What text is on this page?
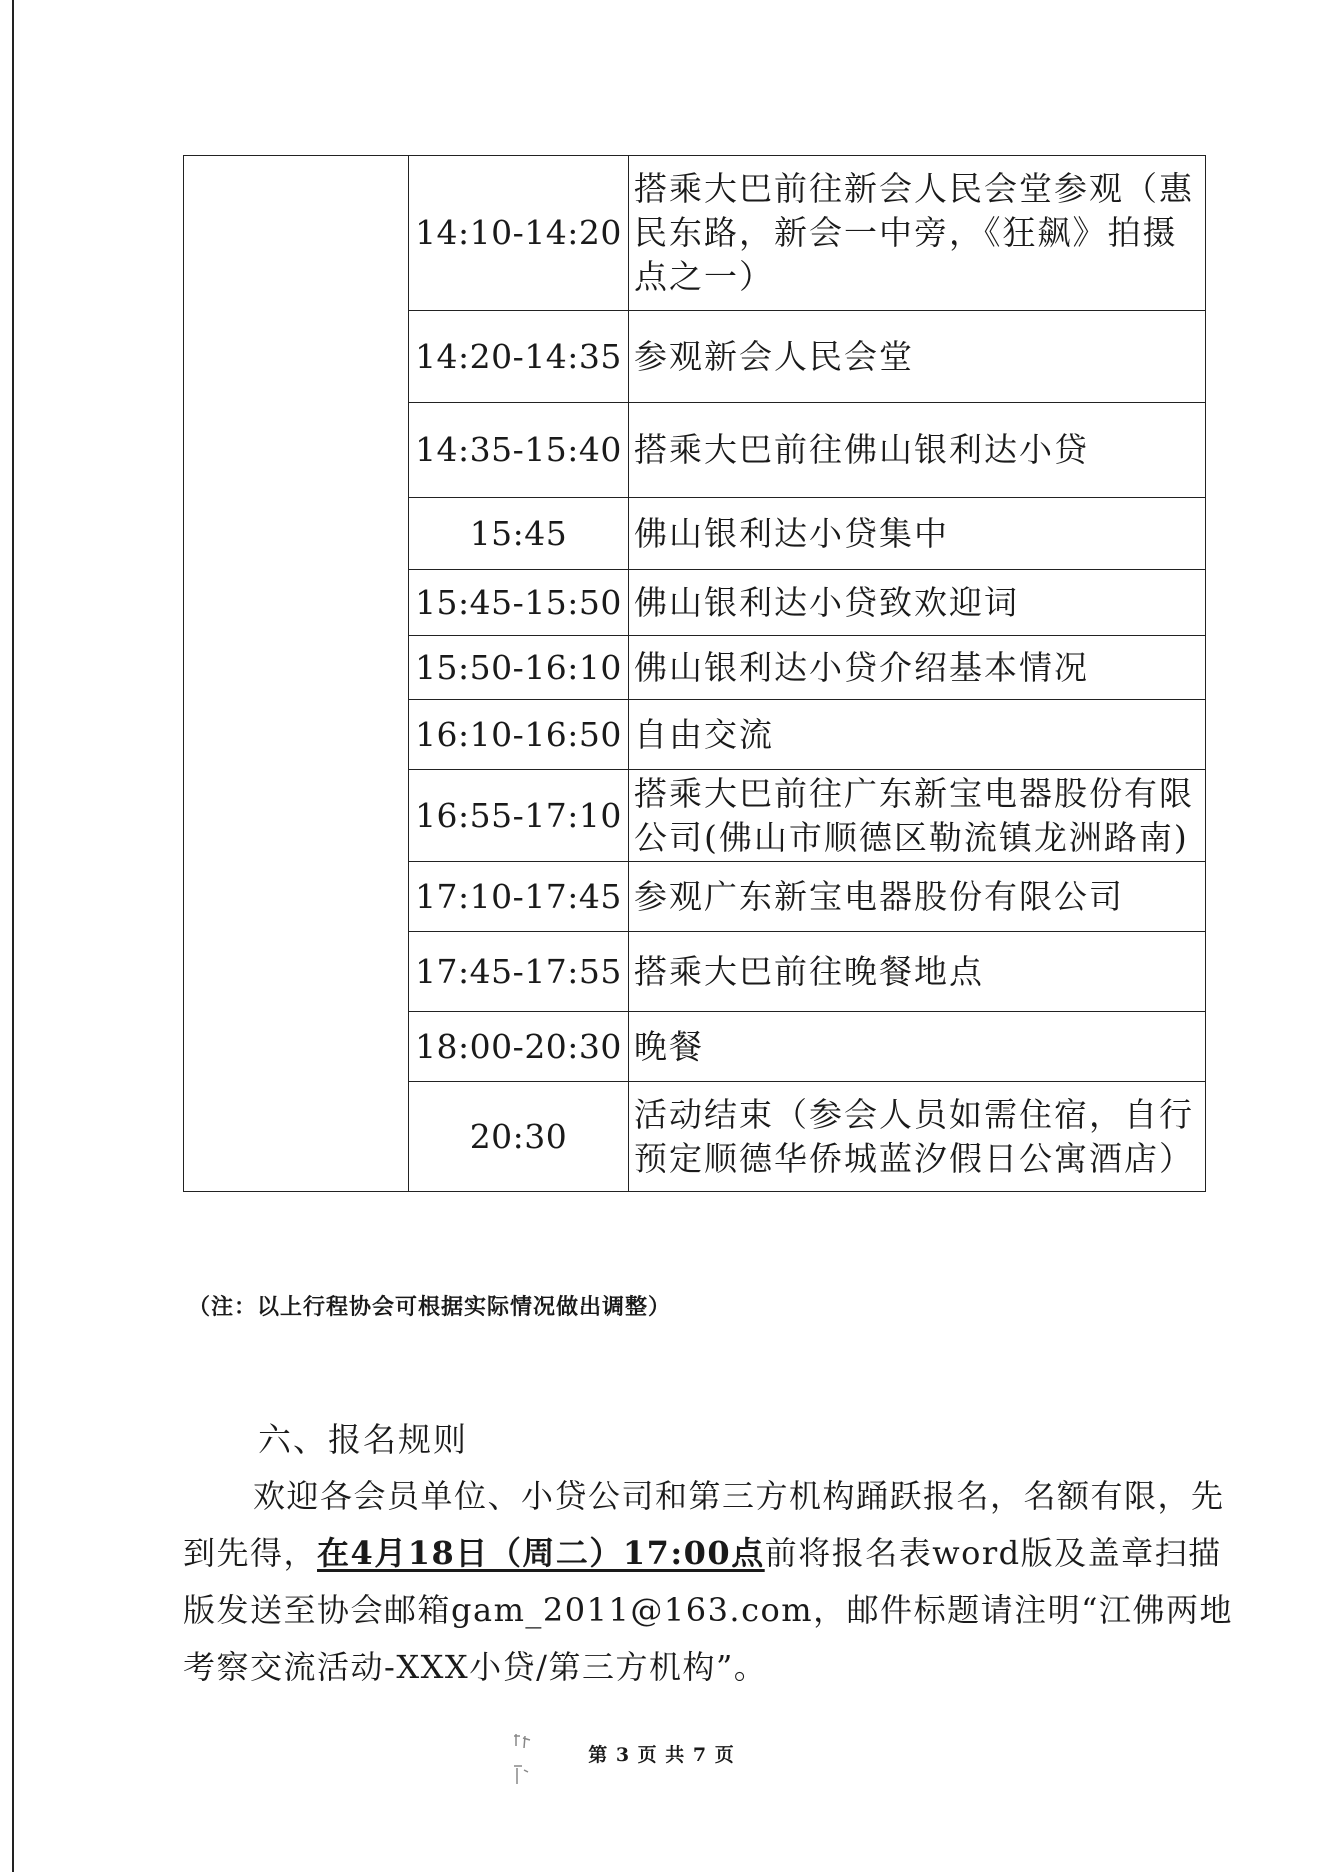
	14:10-14:20	搭乘大巴前往新会人民会堂参观（惠
民东路，新会一中旁，《狂飙》拍摄
点之一）

	14:20-14:35	参观新会人民会堂

	14:35-15:40	搭乘大巴前往佛山银利达小贷

	15:45	佛山银利达小贷集中

	15:45-15:50	佛山银利达小贷致欢迎词

	15:50-16:10	佛山银利达小贷介绍基本情况

	16:10-16:50	自由交流

	16:55-17:10	搭乘大巴前往广东新宝电器股份有限
公司(佛山市顺德区勒流镇龙洲路南)

	17:10-17:45	参观广东新宝电器股份有限公司

	17:45-17:55	搭乘大巴前往晚餐地点

	18:00-20:30	晚餐

	20:30	活动结束（参会人员如需住宿，自行
预定顺德华侨城蓝汐假日公寓酒店）
（注：以上行程协会可根据实际情况做出调整）
六、报名规则
欢迎各会员单位、小贷公司和第三方机构踊跃报名，名额有限，先到先得，在4月18日（周二）17:00点前将报名表word版及盖章扫描版发送至协会邮箱gam_2011@163.com，邮件标题请注明“江佛两地考察交流活动-XXX小贷/第三方机构”。
第 3 页 共 7 页
